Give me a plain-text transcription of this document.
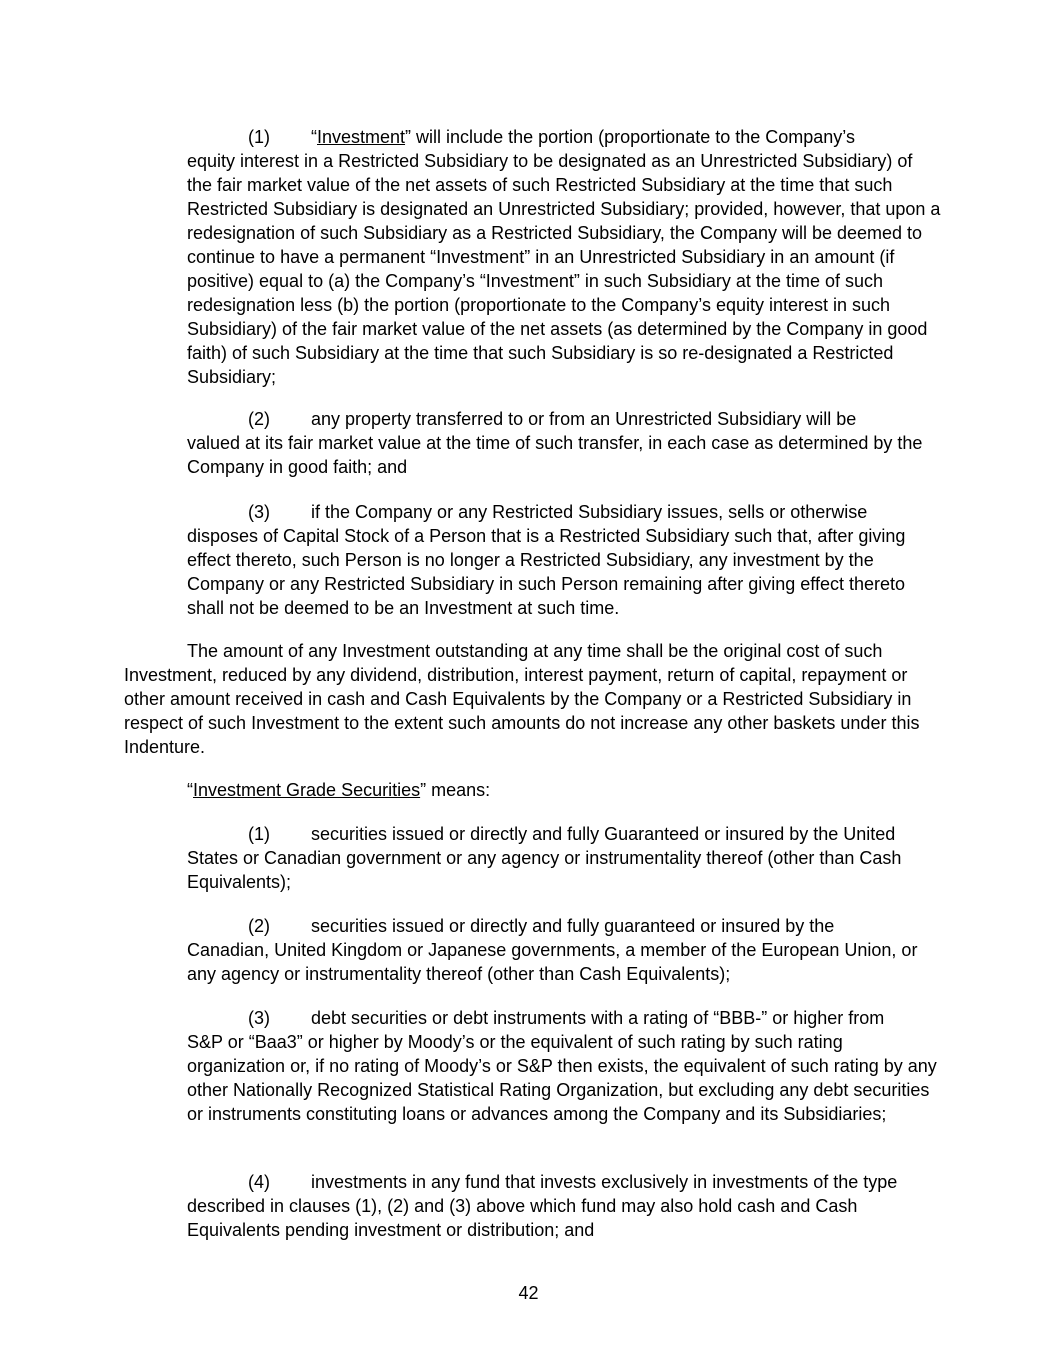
(1) “Investment” will include the portion (proportionate to the Company’s
equity interest in a Restricted Subsidiary to be designated as an Unrestricted Subsidiary) of the fair market value of the net assets of such Restricted Subsidiary at the time that such Restricted Subsidiary is designated an Unrestricted Subsidiary; provided, however, that upon a redesignation of such Subsidiary as a Restricted Subsidiary, the Company will be deemed to continue to have a permanent “Investment” in an Unrestricted Subsidiary in an amount (if positive) equal to (a) the Company’s “Investment” in such Subsidiary at the time of such redesignation less (b) the portion (proportionate to the Company’s equity interest in such Subsidiary) of the fair market value of the net assets (as determined by the Company in good faith) of such Subsidiary at the time that such Subsidiary is so re-designated a Restricted Subsidiary;

(2) any property transferred to or from an Unrestricted Subsidiary will be
valued at its fair market value at the time of such transfer, in each case as determined by the Company in good faith; and

(3) if the Company or any Restricted Subsidiary issues, sells or otherwise
disposes of Capital Stock of a Person that is a Restricted Subsidiary such that, after giving effect thereto, such Person is no longer a Restricted Subsidiary, any investment by the Company or any Restricted Subsidiary in such Person remaining after giving effect thereto shall not be deemed to be an Investment at such time.

The amount of any Investment outstanding at any time shall be the original cost of such
Investment, reduced by any dividend, distribution, interest payment, return of capital, repayment or other amount received in cash and Cash Equivalents by the Company or a Restricted Subsidiary in respect of such Investment to the extent such amounts do not increase any other baskets under this Indenture.

“Investment Grade Securities” means:

(1) securities issued or directly and fully Guaranteed or insured by the United
States or Canadian government or any agency or instrumentality thereof (other than Cash Equivalents);

(2) securities issued or directly and fully guaranteed or insured by the
Canadian, United Kingdom or Japanese governments, a member of the European Union, or any agency or instrumentality thereof (other than Cash Equivalents);

(3) debt securities or debt instruments with a rating of “BBB-” or higher from
S&P or “Baa3” or higher by Moody’s or the equivalent of such rating by such rating organization or, if no rating of Moody’s or S&P then exists, the equivalent of such rating by any other Nationally Recognized Statistical Rating Organization, but excluding any debt securities or instruments constituting loans or advances among the Company and its Subsidiaries;

(4) investments in any fund that invests exclusively in investments of the type
described in clauses (1), (2) and (3) above which fund may also hold cash and Cash Equivalents pending investment or distribution; and

42
